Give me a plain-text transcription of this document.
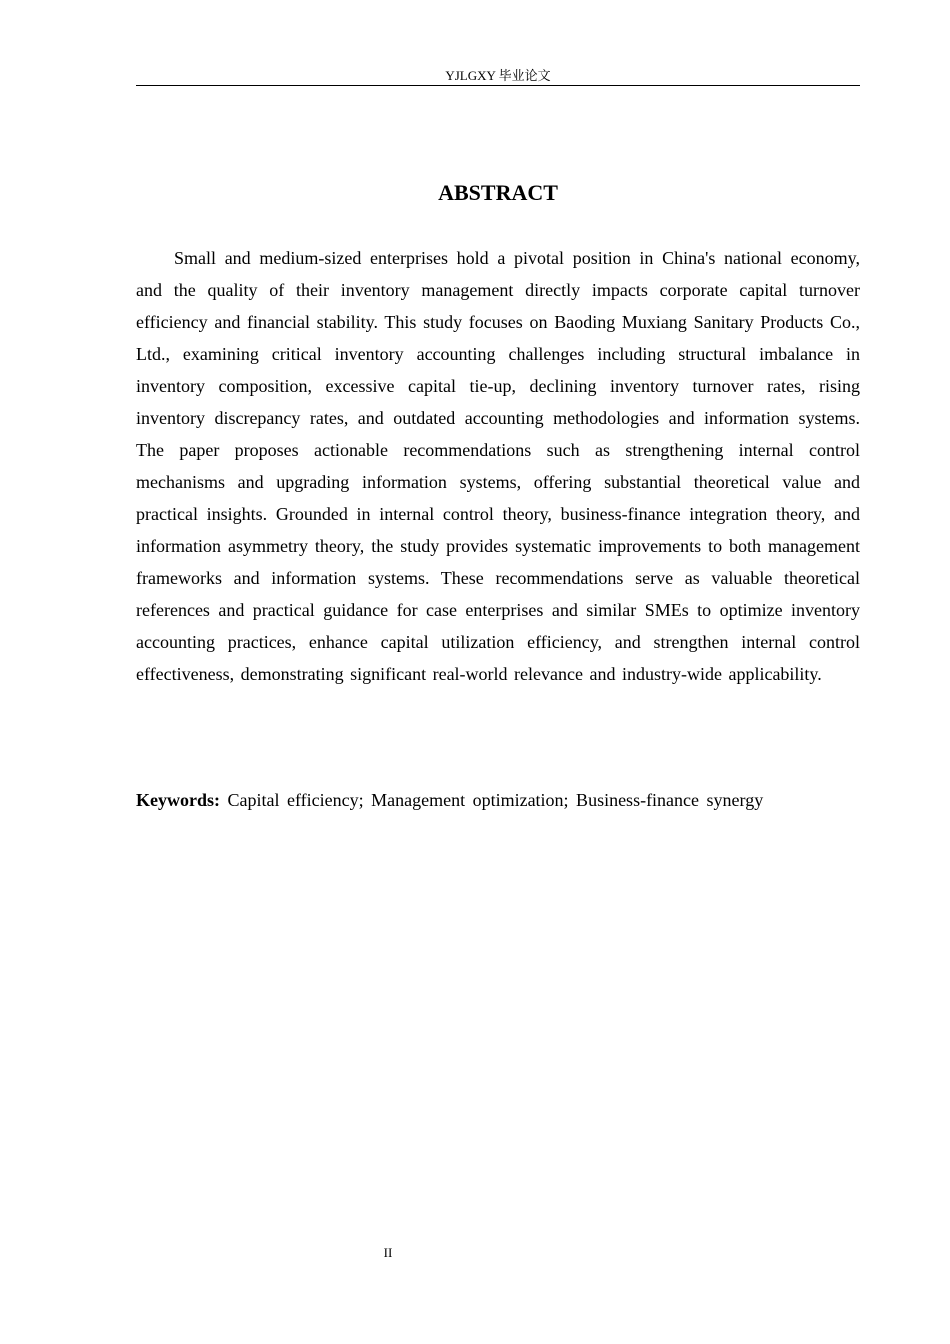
YJLGXY 毕业论文
ABSTRACT

Small and medium-sized enterprises hold a pivotal position in China's national economy, and the quality of their inventory management directly impacts corporate capital turnover efficiency and financial stability. This study focuses on Baoding Muxiang Sanitary Products Co., Ltd., examining critical inventory accounting challenges including structural imbalance in inventory composition, excessive capital tie-up, declining inventory turnover rates, rising inventory discrepancy rates, and outdated accounting methodologies and information systems. The paper proposes actionable recommendations such as strengthening internal control mechanisms and upgrading information systems, offering substantial theoretical value and practical insights. Grounded in internal control theory, business-finance integration theory, and information asymmetry theory, the study provides systematic improvements to both management frameworks and information systems. These recommendations serve as valuable theoretical references and practical guidance for case enterprises and similar SMEs to optimize inventory accounting practices, enhance capital utilization efficiency, and strengthen internal control effectiveness, demonstrating significant real-world relevance and industry-wide applicability.

Keywords: Capital efficiency; Management optimization; Business-finance synergy

II
